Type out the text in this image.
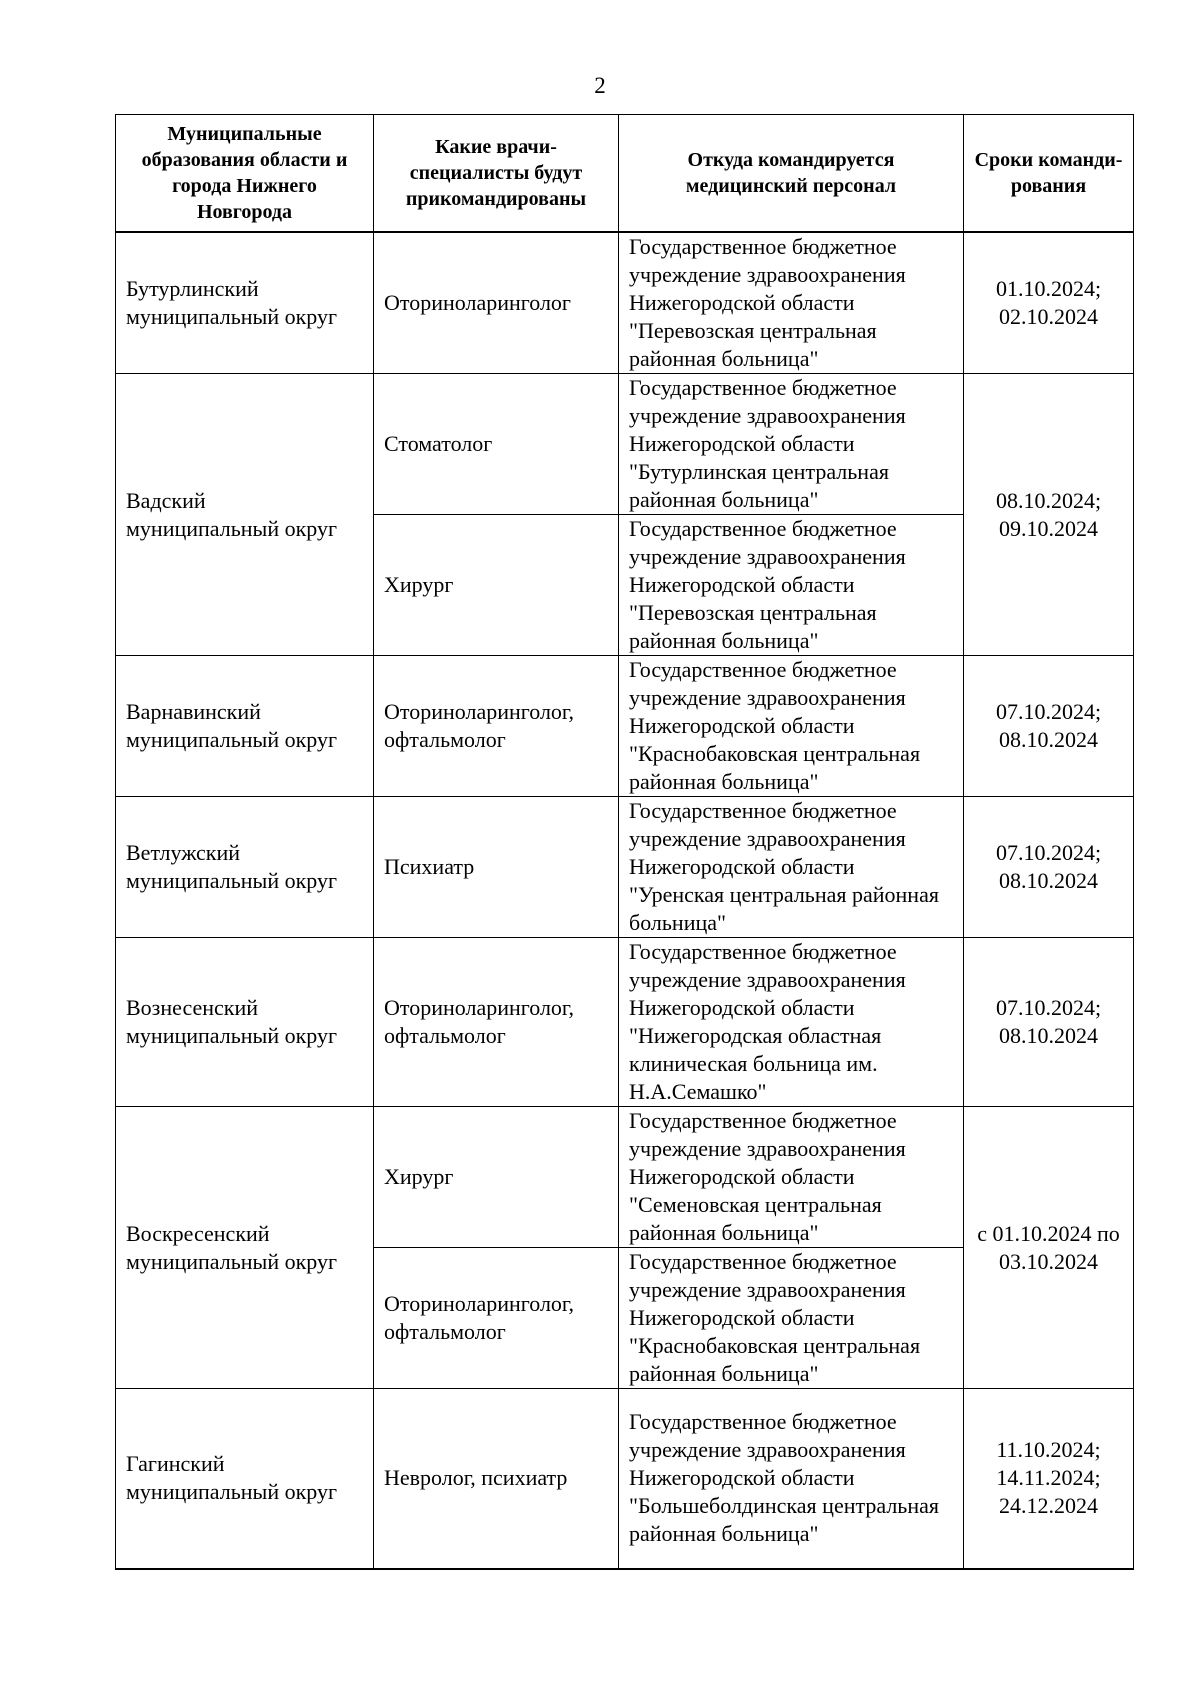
2
Муниципальные образования области и города Нижнего Новгорода	Какие врачи-специалисты будут прикомандированы	Откуда командируется медицинский персонал	Сроки команди-рования
Бутурлинский муниципальный округ	Оториноларинголог	Государственное бюджетное учреждение здравоохранения Нижегородской области "Перевозская центральная районная больница"	01.10.2024; 02.10.2024
Вадский муниципальный округ	Стоматолог	Государственное бюджетное учреждение здравоохранения Нижегородской области "Бутурлинская центральная районная больница"	08.10.2024; 09.10.2024
	Хирург	Государственное бюджетное учреждение здравоохранения Нижегородской области "Перевозская центральная районная больница"	
Варнавинский муниципальный округ	Оториноларинголог, офтальмолог	Государственное бюджетное учреждение здравоохранения Нижегородской области "Краснобаковская центральная районная больница"	07.10.2024; 08.10.2024
Ветлужский муниципальный округ	Психиатр	Государственное бюджетное учреждение здравоохранения Нижегородской области "Уренская центральная районная больница"	07.10.2024; 08.10.2024
Вознесенский муниципальный округ	Оториноларинголог, офтальмолог	Государственное бюджетное учреждение здравоохранения Нижегородской области "Нижегородская областная клиническая больница им. Н.А.Семашко"	07.10.2024; 08.10.2024
Воскресенский муниципальный округ	Хирург	Государственное бюджетное учреждение здравоохранения Нижегородской области "Семеновская центральная районная больница"	с 01.10.2024 по 03.10.2024
	Оториноларинголог, офтальмолог	Государственное бюджетное учреждение здравоохранения Нижегородской области "Краснобаковская центральная районная больница"	
Гагинский муниципальный округ	Невролог, психиатр	Государственное бюджетное учреждение здравоохранения Нижегородской области "Большеболдинская центральная районная больница"	11.10.2024; 14.11.2024; 24.12.2024
